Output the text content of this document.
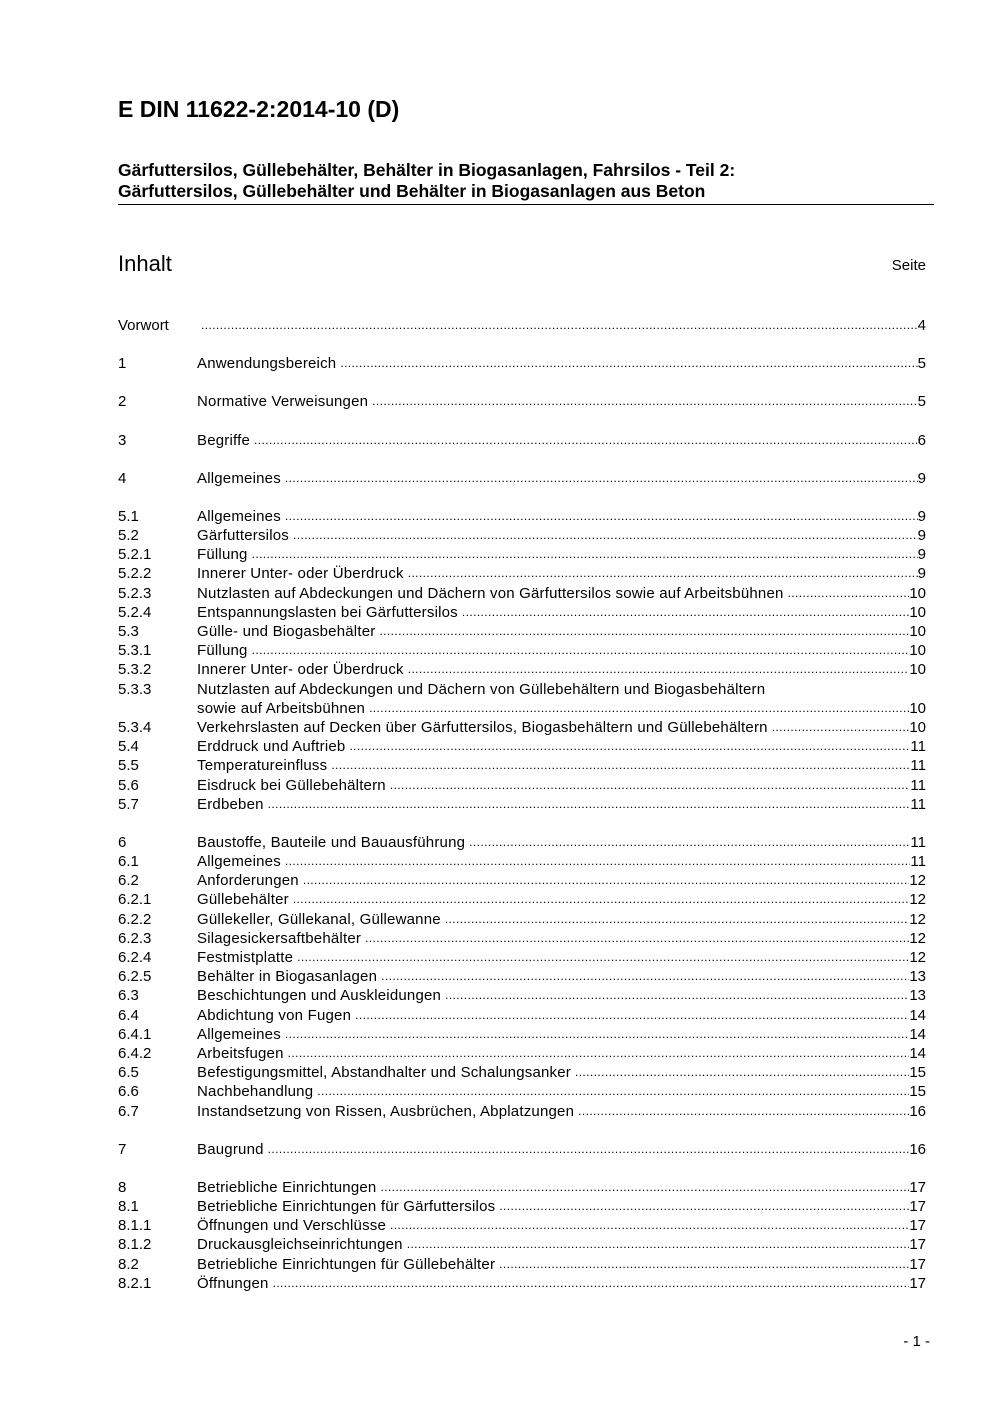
E DIN 11622-2:2014-10 (D)
Gärfuttersilos, Güllebehälter, Behälter in Biogasanlagen, Fahrsilos - Teil 2:
Gärfuttersilos, Güllebehälter und Behälter in Biogasanlagen aus Beton
Inhalt	Seite
Vorwort .....	4
1	Anwendungsbereich .....	5
2	Normative Verweisungen .....	5
3	Begriffe .....	6
4	Allgemeines .....	9
5.1	Allgemeines .....	9
5.2	Gärfuttersilos .....	9
5.2.1	Füllung .....	9
5.2.2	Innerer Unter- oder Überdruck .....	9
5.2.3	Nutzlasten auf Abdeckungen und Dächern von Gärfuttersilos sowie auf Arbeitsbühnen .....	10
5.2.4	Entspannungslasten bei Gärfuttersilos .....	10
5.3	Gülle- und Biogasbehälter .....	10
5.3.1	Füllung .....	10
5.3.2	Innerer Unter- oder Überdruck .....	10
5.3.3	Nutzlasten auf Abdeckungen und Dächern von Güllebehältern und Biogasbehältern
sowie auf Arbeitsbühnen .....	10
5.3.4	Verkehrslasten auf Decken über Gärfuttersilos, Biogasbehältern und Güllebehältern .....	10
5.4	Erddruck und Auftrieb .....	11
5.5	Temperatureinfluss .....	11
5.6	Eisdruck bei Güllebehältern .....	11
5.7	Erdbeben .....	11
6	Baustoffe, Bauteile und Bauausführung .....	11
6.1	Allgemeines .....	11
6.2	Anforderungen .....	12
6.2.1	Güllebehälter .....	12
6.2.2	Güllekeller, Güllekanal, Güllewanne .....	12
6.2.3	Silagesickersaftbehälter .....	12
6.2.4	Festmistplatte .....	12
6.2.5	Behälter in Biogasanlagen .....	13
6.3	Beschichtungen und Auskleidungen .....	13
6.4	Abdichtung von Fugen .....	14
6.4.1	Allgemeines .....	14
6.4.2	Arbeitsfugen .....	14
6.5	Befestigungsmittel, Abstandhalter und Schalungsanker .....	15
6.6	Nachbehandlung .....	15
6.7	Instandsetzung von Rissen, Ausbrüchen, Abplatzungen .....	16
7	Baugrund .....	16
8	Betriebliche Einrichtungen .....	17
8.1	Betriebliche Einrichtungen für Gärfuttersilos .....	17
8.1.1	Öffnungen und Verschlüsse .....	17
8.1.2	Druckausgleichseinrichtungen .....	17
8.2	Betriebliche Einrichtungen für Güllebehälter .....	17
8.2.1	Öffnungen .....	17
- 1 -
